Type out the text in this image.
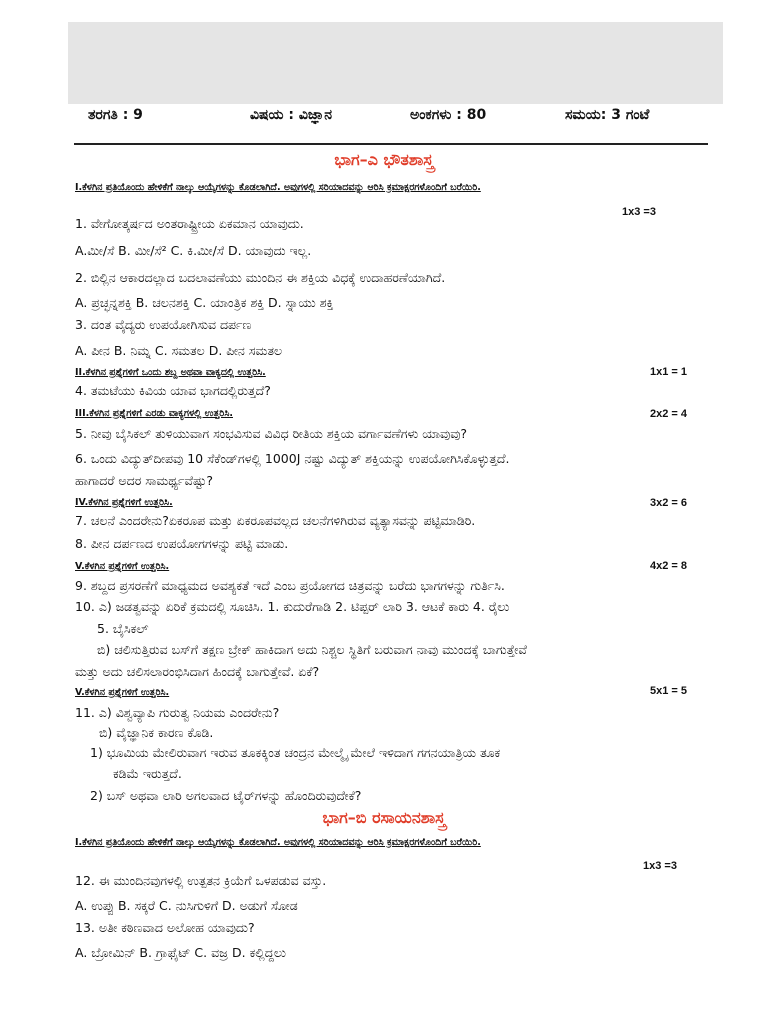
ತರಗತಿ : 9	ವಿಷಯ : ವಿಜ್ಞಾನ	ಅಂಕಗಳು : 80	ಸಮಯ: 3 ಗಂಟೆ
ಭಾಗ–ಎ ಭೌತಶಾಸ್ತ್ರ
I.ಕೆಳಗಿನ ಪ್ರತಿಯೊಂದು ಹೇಳಿಕೆಗೆ ನಾಲ್ಕು ಆಯ್ಕೆಗಳನ್ನು ಕೊಡಲಾಗಿದೆ. ಅವುಗಳಲ್ಲಿ ಸರಿಯಾದವನ್ನು ಆರಿಸಿ ಕ್ರಮಾಕ್ಷರಗಳೊಂದಿಗೆ ಬರೆಯಿರಿ.
1x3 =3
1. ವೇಗೋತ್ಕರ್ಷದ ಅಂತರಾಷ್ಟ್ರೀಯ ಏಕಮಾನ ಯಾವುದು.
A.ಮೀ/ಸೆ B. ಮೀ/ಸೆ² C. ಕಿ.ಮೀ/ಸೆ D. ಯಾವುದು ಇಲ್ಲ.
2. ಬಿಲ್ಲಿನ ಆಕಾರದಲ್ಲಾದ ಬದಲಾವಣೆಯು ಮುಂದಿನ ಈ ಶಕ್ತಿಯ ವಿಧಕ್ಕೆ ಉದಾಹರಣೆಯಾಗಿದೆ.
A. ಪ್ರಚ್ಛನ್ನಶಕ್ತಿ B. ಚಲನಶಕ್ತಿ C. ಯಾಂತ್ರಿಕ ಶಕ್ತಿ D. ಸ್ನಾಯು ಶಕ್ತಿ
3. ದಂತ ವೈದ್ಯರು ಉಪಯೋಗಿಸುವ ದರ್ಪಣ
A. ಪೀನ B. ನಿಮ್ನ C. ಸಮತಲ D. ಪೀನ ಸಮತಲ
II.ಕೆಳಗಿನ ಪ್ರಶ್ನೆಗಳಿಗೆ ಒಂದು ಶಬ್ದ ಅಥವಾ ವಾಕ್ಯದಲ್ಲಿ ಉತ್ತರಿಸಿ.	1x1 = 1
4. ತಮಟೆಯು ಕಿವಿಯ ಯಾವ ಭಾಗದಲ್ಲಿರುತ್ತದೆ?
III.ಕೆಳಗಿನ ಪ್ರಶ್ನೆಗಳಿಗೆ ಎರಡು ವಾಕ್ಯಗಳಲ್ಲಿ ಉತ್ತರಿಸಿ.	2x2 = 4
5. ನೀವು ಬೈಸಿಕಲ್ ತುಳಿಯುವಾಗ ಸಂಭವಿಸುವ ವಿವಿಧ ರೀತಿಯ ಶಕ್ತಿಯ ವರ್ಗಾವಣೆಗಳು ಯಾವುವು?
6. ಒಂದು ವಿದ್ಯುತ್‌ದೀಪವು 10 ಸೆಕೆಂಡ್‌ಗಳಲ್ಲಿ 1000J ನಷ್ಟು ವಿದ್ಯುತ್ ಶಕ್ತಿಯನ್ನು ಉಪಯೋಗಿಸಿಕೊಳ್ಳುತ್ತದೆ.
ಹಾಗಾದರೆ ಅದರ ಸಾಮರ್ಥ್ಯವೆಷ್ಟು?
IV.ಕೆಳಗಿನ ಪ್ರಶ್ನೆಗಳಿಗೆ ಉತ್ತರಿಸಿ.	3x2 = 6
7. ಚಲನೆ ಎಂದರೇನು?ಏಕರೂಪ ಮತ್ತು ಏಕರೂಪವಲ್ಲದ ಚಲನೆಗಳಿಗಿರುವ ವ್ಯತ್ಯಾಸವನ್ನು ಪಟ್ಟಿಮಾಡಿರಿ.
8. ಪೀನ ದರ್ಪಣದ ಉಪಯೋಗಗಳನ್ನು ಪಟ್ಟಿ ಮಾಡು.
V.ಕೆಳಗಿನ ಪ್ರಶ್ನೆಗಳಿಗೆ ಉತ್ತರಿಸಿ.	4x2 = 8
9. ಶಬ್ದದ ಪ್ರಸರಣೆಗೆ ಮಾಧ್ಯಮದ ಅವಶ್ಯಕತೆ ಇದೆ ಎಂಬ ಪ್ರಯೋಗದ ಚಿತ್ರವನ್ನು ಬರೆದು ಭಾಗಗಳನ್ನು ಗುರ್ತಿಸಿ.
10. ಎ) ಜಡತ್ವವನ್ನು ಏರಿಕೆ ಕ್ರಮದಲ್ಲಿ ಸೂಚಿಸಿ. 1. ಕುದುರೆಗಾಡಿ 2. ಟಿಪ್ಪರ್ ಲಾರಿ 3. ಆಟಕೆ ಕಾರು 4. ರೈಲು
5. ಬೈಸಿಕಲ್
ಬಿ) ಚಲಿಸುತ್ತಿರುವ ಬಸ್‌ಗೆ ತಕ್ಷಣ ಬ್ರೇಕ್ ಹಾಕಿದಾಗ ಅದು ನಿಶ್ಚಲ ಸ್ಥಿತಿಗೆ ಬರುವಾಗ ನಾವು ಮುಂದಕ್ಕೆ ಬಾಗುತ್ತೇವೆ
ಮತ್ತು ಅದು ಚಲಿಸಲಾರಂಭಿಸಿದಾಗ ಹಿಂದಕ್ಕೆ ಬಾಗುತ್ತೇವೆ. ಏಕೆ?
V.ಕೆಳಗಿನ ಪ್ರಶ್ನೆಗಳಿಗೆ ಉತ್ತರಿಸಿ.	5x1 = 5
11. ಎ) ವಿಶ್ವವ್ಯಾಪಿ ಗುರುತ್ವ ನಿಯಮ ಎಂದರೇನು?
ಬಿ) ವೈಜ್ಞಾನಿಕ ಕಾರಣ ಕೊಡಿ.
1) ಭೂಮಿಯ ಮೇಲಿರುವಾಗ ಇರುವ ತೂಕಕ್ಕಿಂತ ಚಂದ್ರನ ಮೇಲ್ಮೈ ಮೇಲೆ ಇಳಿದಾಗ ಗಗನಯಾತ್ರಿಯ ತೂಕ
ಕಡಿಮೆ ಇರುತ್ತದೆ.
2) ಬಸ್ ಅಥವಾ ಲಾರಿ ಅಗಲವಾದ ಟೈರ್‌ಗಳನ್ನು ಹೊಂದಿರುವುದೇಕೆ?
ಭಾಗ–ಬಿ ರಸಾಯನಶಾಸ್ತ್ರ
I.ಕೆಳಗಿನ ಪ್ರತಿಯೊಂದು ಹೇಳಿಕೆಗೆ ನಾಲ್ಕು ಆಯ್ಕೆಗಳನ್ನು ಕೊಡಲಾಗಿದೆ. ಅವುಗಳಲ್ಲಿ ಸರಿಯಾದವನ್ನು ಆರಿಸಿ ಕ್ರಮಾಕ್ಷರಗಳೊಂದಿಗೆ ಬರೆಯಿರಿ.
1x3 =3
12. ಈ ಮುಂದಿನವುಗಳಲ್ಲಿ ಉತ್ಪತನ ಕ್ರಿಯೆಗೆ ಒಳಪಡುವ ವಸ್ತು.
A. ಉಪ್ಪು B. ಸಕ್ಕರೆ C. ನುಸಿಗುಳಿಗೆ D. ಅಡುಗೆ ಸೋಡ
13. ಅತೀ ಕಠಿಣವಾದ ಅಲೋಹ ಯಾವುದು?
A. ಬ್ರೋಮಿನ್ B. ಗ್ರಾಫೈಟ್ C. ವಜ್ರ D. ಕಲ್ಲಿದ್ದಲು
